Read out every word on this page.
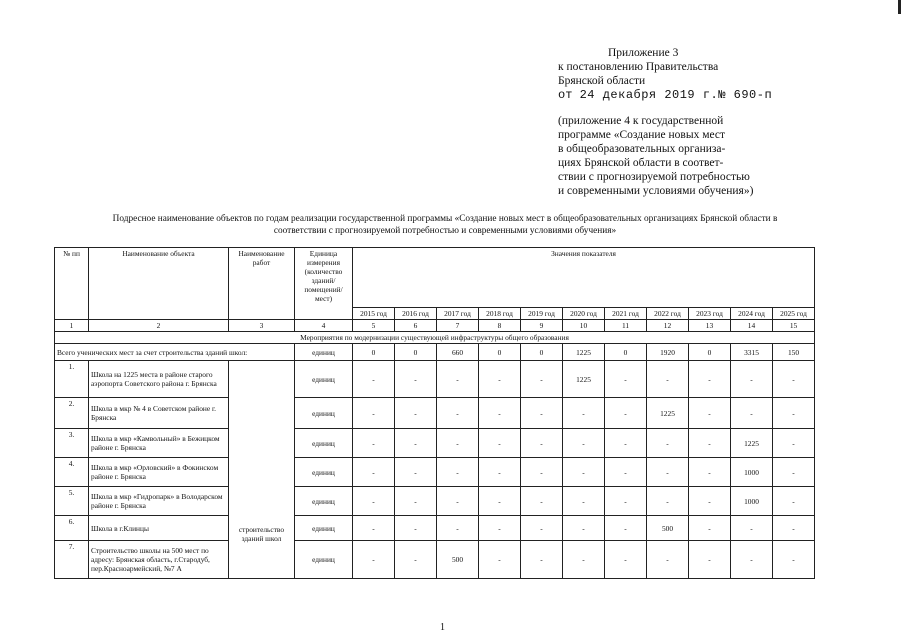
Приложение 3
к постановлению Правительства
Брянской области
от 24 декабря 2019 г.№ 690-п
(приложение 4 к государственной
программе «Создание новых мест
в общеобразовательных организа-
циях Брянской области в соответ-
ствии с прогнозируемой потребностью
и современными условиями обучения»)
Подресное наименование объектов по годам реализации государственной программы «Создание новых мест в общеобразовательных организациях Брянской области в
соответствии с прогнозируемой потребностью и современными условиями обучения»
№ пп	Наименование объекта	Наименование работ	Единица измерения (количество зданий/помещений/мест)	Значения показателя										
				2015 год	2016 год	2017 год	2018 год	2019 год	2020 год	2021 год	2022 год	2023 год	2024 год	2025 год
1	2	3	4	5	6	7	8	9	10	11	12	13	14	15
Мероприятия по модернизации существующей инфраструктуры общего образования														
Всего ученических мест за счет строительства зданий школ:			единиц	0	0	660	0	0	1225	0	1920	0	3315	150
1.	Школа на 1225 места в районе старого аэропорта Советского района г. Брянска	строительство зданий школ	единиц	-	-	-	-	-	1225	-	-	-	-	-
2.	Школа в мкр № 4 в Советском районе г. Брянска		единиц	-	-	-	-	-	-	-	1225	-	-	-
3.	Школа в мкр «Камвольный» в Бежицком районе г. Брянска		единиц	-	-	-	-	-	-	-	-	-	1225	-
4.	Школа в мкр «Орловский» в Фокинском районе г. Брянска		единиц	-	-	-	-	-	-	-	-	-	1000	-
5.	Школа в мкр «Гидропарк» в Володарском районе г. Брянска		единиц	-	-	-	-	-	-	-	-	-	1000	-
6.	Школа в г.Клинцы		единиц	-	-	-	-	-	-	-	500	-	-	-
7.	Строительство школы на 500 мест по адресу: Брянская область, г.Стародуб, пер.Красноармейский, №7 А		единиц	-	-	500	-	-	-	-	-	-	-	-
1
